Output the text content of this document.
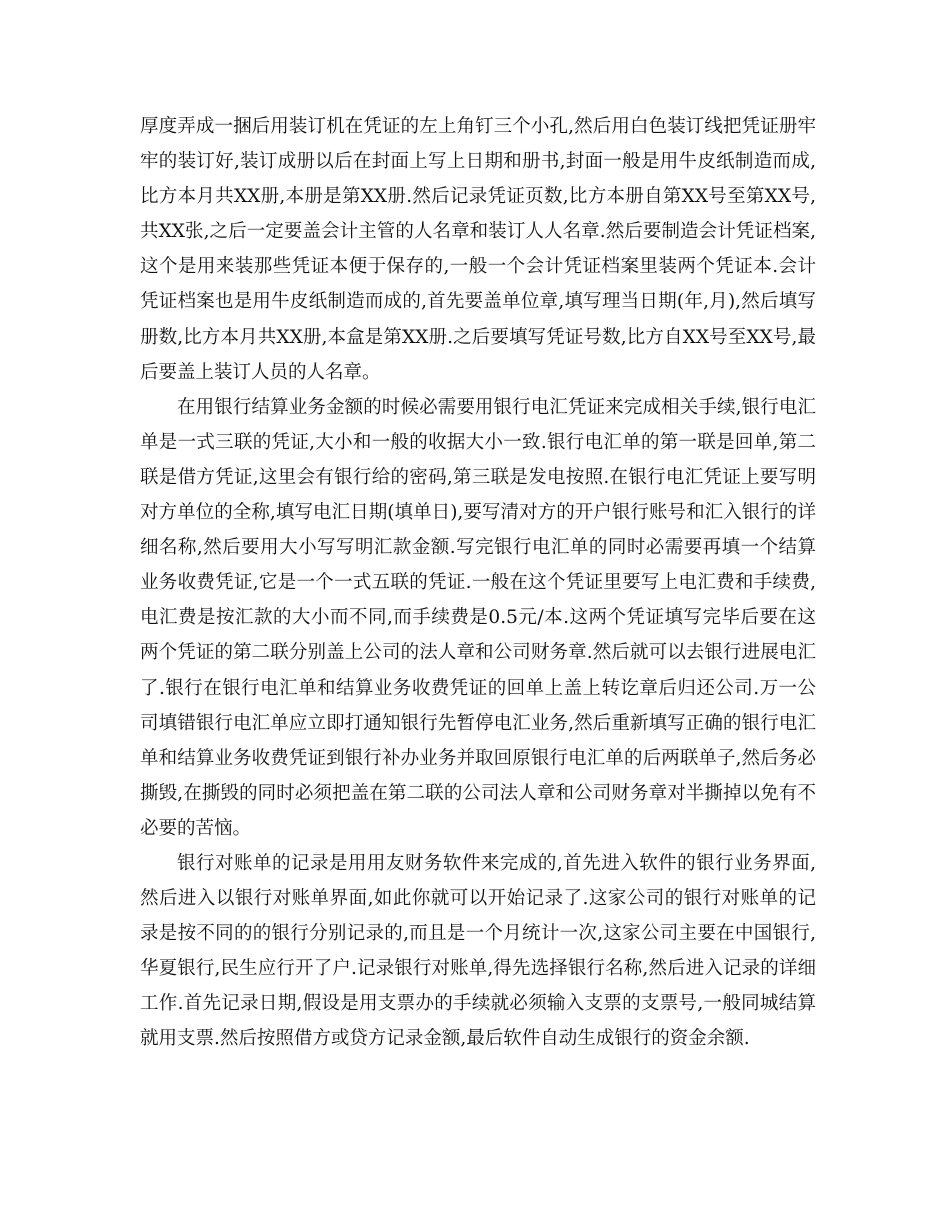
厚度弄成一捆后用装订机在凭证的左上角钉三个小孔,然后用白色装订线把凭证册牢牢的装订好,装订成册以后在封面上写上日期和册书,封面一般是用牛皮纸制造而成,比方本月共XX册,本册是第XX册.然后记录凭证页数,比方本册自第XX号至第XX号,共XX张,之后一定要盖会计主管的人名章和装订人人名章.然后要制造会计凭证档案,这个是用来装那些凭证本便于保存的,一般一个会计凭证档案里装两个凭证本.会计凭证档案也是用牛皮纸制造而成的,首先要盖单位章,填写理当日期(年,月),然后填写册数,比方本月共XX册,本盒是第XX册.之后要填写凭证号数,比方自XX号至XX号,最后要盖上装订人员的人名章。

在用银行结算业务金额的时候必需要用银行电汇凭证来完成相关手续,银行电汇单是一式三联的凭证,大小和一般的收据大小一致.银行电汇单的第一联是回单,第二联是借方凭证,这里会有银行给的密码,第三联是发电按照.在银行电汇凭证上要写明对方单位的全称,填写电汇日期(填单日),要写清对方的开户银行账号和汇入银行的详细名称,然后要用大小写写明汇款金额.写完银行电汇单的同时必需要再填一个结算业务收费凭证,它是一个一式五联的凭证.一般在这个凭证里要写上电汇费和手续费,电汇费是按汇款的大小而不同,而手续费是0.5元/本.这两个凭证填写完毕后要在这两个凭证的第二联分别盖上公司的法人章和公司财务章.然后就可以去银行进展电汇了.银行在银行电汇单和结算业务收费凭证的回单上盖上转讫章后归还公司.万一公司填错银行电汇单应立即打通知银行先暂停电汇业务,然后重新填写正确的银行电汇单和结算业务收费凭证到银行补办业务并取回原银行电汇单的后两联单子,然后务必撕毁,在撕毁的同时必须把盖在第二联的公司法人章和公司财务章对半撕掉以免有不必要的苦恼。

银行对账单的记录是用用友财务软件来完成的,首先进入软件的银行业务界面,然后进入以银行对账单界面,如此你就可以开始记录了.这家公司的银行对账单的记录是按不同的的银行分别记录的,而且是一个月统计一次,这家公司主要在中国银行,华夏银行,民生应行开了户.记录银行对账单,得先选择银行名称,然后进入记录的详细工作.首先记录日期,假设是用支票办的手续就必须输入支票的支票号,一般同城结算就用支票.然后按照借方或贷方记录金额,最后软件自动生成银行的资金余额.
